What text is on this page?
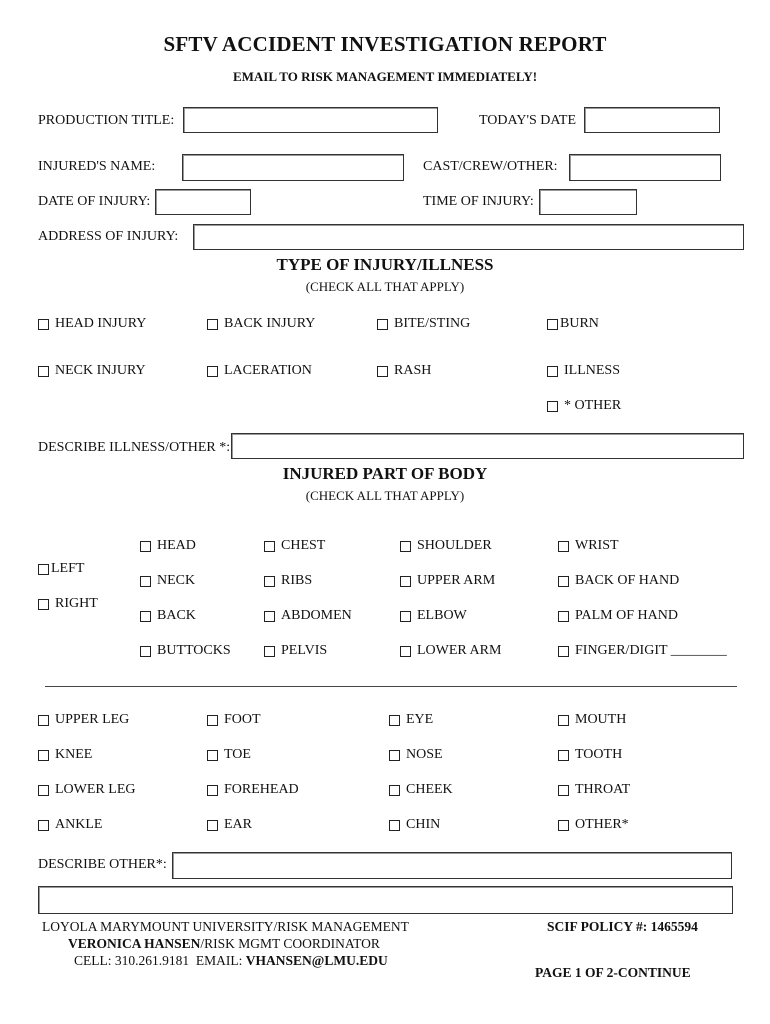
SFTV ACCIDENT INVESTIGATION REPORT
EMAIL TO RISK MANAGEMENT IMMEDIATELY!
PRODUCTION TITLE:	TODAY'S DATE
INJURED'S NAME:	CAST/CREW/OTHER:
DATE OF INJURY:	TIME OF INJURY:
ADDRESS OF INJURY:
TYPE OF INJURY/ILLNESS
(CHECK ALL THAT APPLY)
HEAD INJURY	BACK INJURY	BITE/STING	BURN
NECK INJURY	LACERATION	RASH	ILLNESS
* OTHER
DESCRIBE ILLNESS/OTHER *:
INJURED PART OF BODY
(CHECK ALL THAT APPLY)
LEFT
RIGHT
HEAD	CHEST	SHOULDER	WRIST
NECK	RIBS	UPPER ARM	BACK OF HAND
BACK	ABDOMEN	ELBOW	PALM OF HAND
BUTTOCKS	PELVIS	LOWER ARM	FINGER/DIGIT ________
UPPER LEG	FOOT	EYE	MOUTH
KNEE	TOE	NOSE	TOOTH
LOWER LEG	FOREHEAD	CHEEK	THROAT
ANKLE	EAR	CHIN	OTHER*
DESCRIBE OTHER*:
LOYOLA MARYMOUNT UNIVERSITY/RISK MANAGEMENT
VERONICA HANSEN/RISK MGMT COORDINATOR
CELL: 310.261.9181 EMAIL: VHANSEN@LMU.EDU
SCIF POLICY #: 1465594
PAGE 1 OF 2-CONTINUE
